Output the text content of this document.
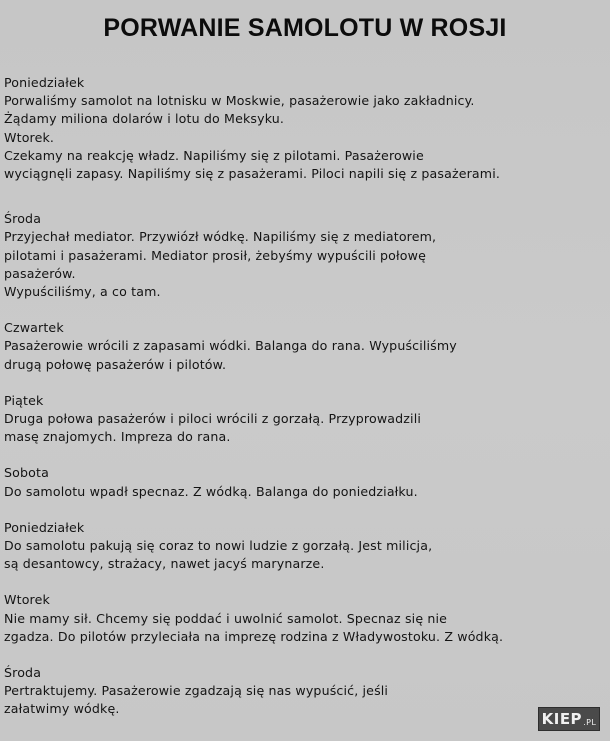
PORWANIE SAMOLOTU W ROSJI
Poniedziałek
Porwaliśmy samolot na lotnisku w Moskwie, pasażerowie jako zakładnicy.
Żądamy miliona dolarów i lotu do Meksyku.
Wtorek.
Czekamy na reakcję władz. Napiliśmy się z pilotami. Pasażerowie
wyciągnęli zapasy. Napiliśmy się z pasażerami. Piloci napili się z pasażerami.
Środa
Przyjechał mediator. Przywiózł wódkę. Napiliśmy się z mediatorem,
pilotami i pasażerami. Mediator prosił, żebyśmy wypuścili połowę
pasażerów.
Wypuściliśmy, a co tam.
Czwartek
Pasażerowie wrócili z zapasami wódki. Balanga do rana. Wypuściliśmy
drugą połowę pasażerów i pilotów.
Piątek
Druga połowa pasażerów i piloci wrócili z gorzałą. Przyprowadzili
masę znajomych. Impreza do rana.
Sobota
Do samolotu wpadł specnaz. Z wódką. Balanga do poniedziałku.
Poniedziałek
Do samolotu pakują się coraz to nowi ludzie z gorzałą. Jest milicja,
są desantowcy, strażacy, nawet jacyś marynarze.
Wtorek
Nie mamy sił. Chcemy się poddać i uwolnić samolot. Specnaz się nie
zgadza. Do pilotów przyleciała na imprezę rodzina z Władywostoku. Z wódką.
Środa
Pertraktujemy. Pasażerowie zgadzają się nas wypuścić, jeśli
załatwimy wódkę.
KIEP .PL
